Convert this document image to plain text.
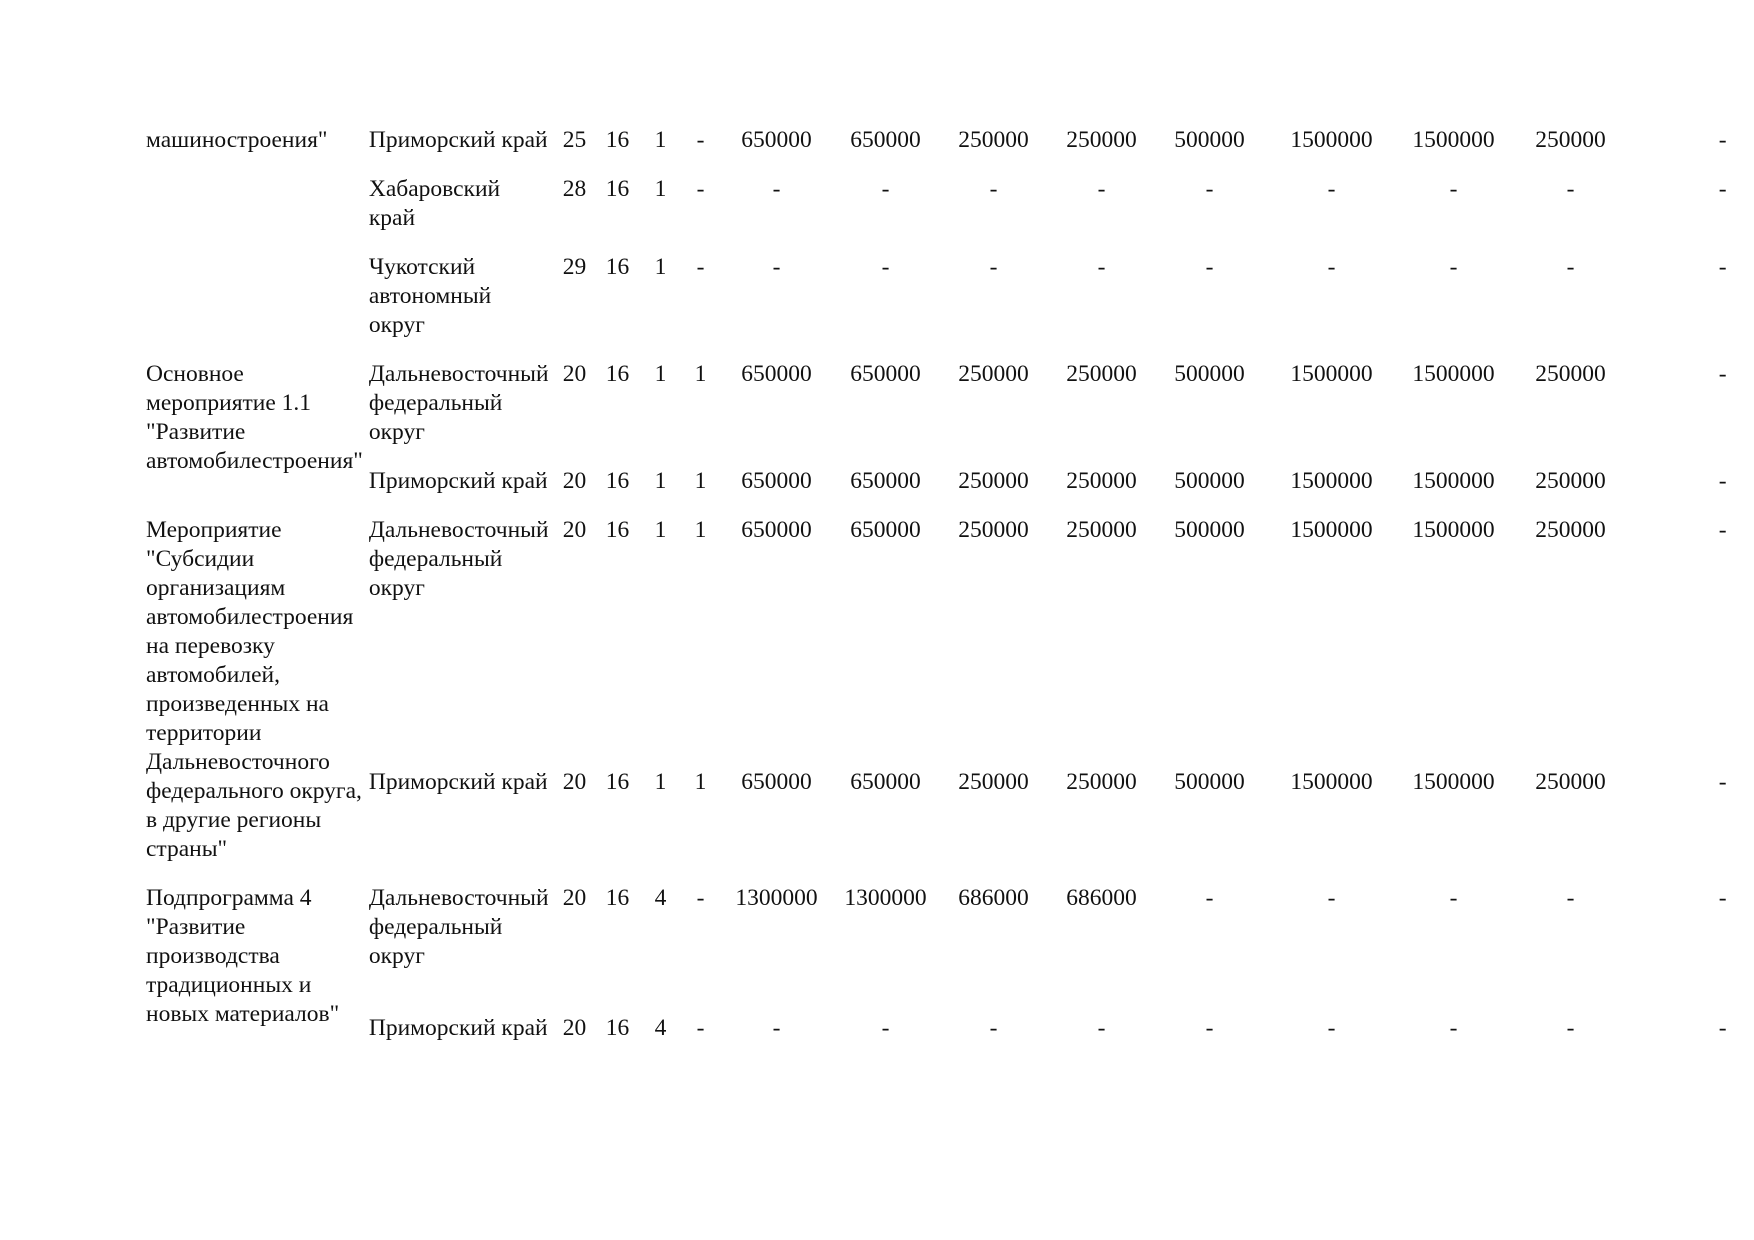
машиностроения"	Приморский край	25	16	1	-	650000	650000	250000	250000	500000	1500000	1500000	250000	-
	Хабаровский край	28	16	1	-	-	-	-	-	-	-	-	-	-
	Чукотский автономный округ	29	16	1	-	-	-	-	-	-	-	-	-	-
Основное мероприятие 1.1 "Развитие автомобилестроения"	Дальневосточный федеральный округ	20	16	1	1	650000	650000	250000	250000	500000	1500000	1500000	250000	-
	Приморский край	20	16	1	1	650000	650000	250000	250000	500000	1500000	1500000	250000	-
Мероприятие "Субсидии организациям автомобилестроения на перевозку автомобилей, произведенных на территории Дальневосточного федерального округа, в другие регионы страны"	Дальневосточный федеральный округ	20	16	1	1	650000	650000	250000	250000	500000	1500000	1500000	250000	-
	Приморский край	20	16	1	1	650000	650000	250000	250000	500000	1500000	1500000	250000	-
Подпрограмма 4 "Развитие производства традиционных и новых материалов"	Дальневосточный федеральный округ	20	16	4	-	1300000	1300000	686000	686000	-	-	-	-	-
	Приморский край	20	16	4	-	-	-	-	-	-	-	-	-	-
